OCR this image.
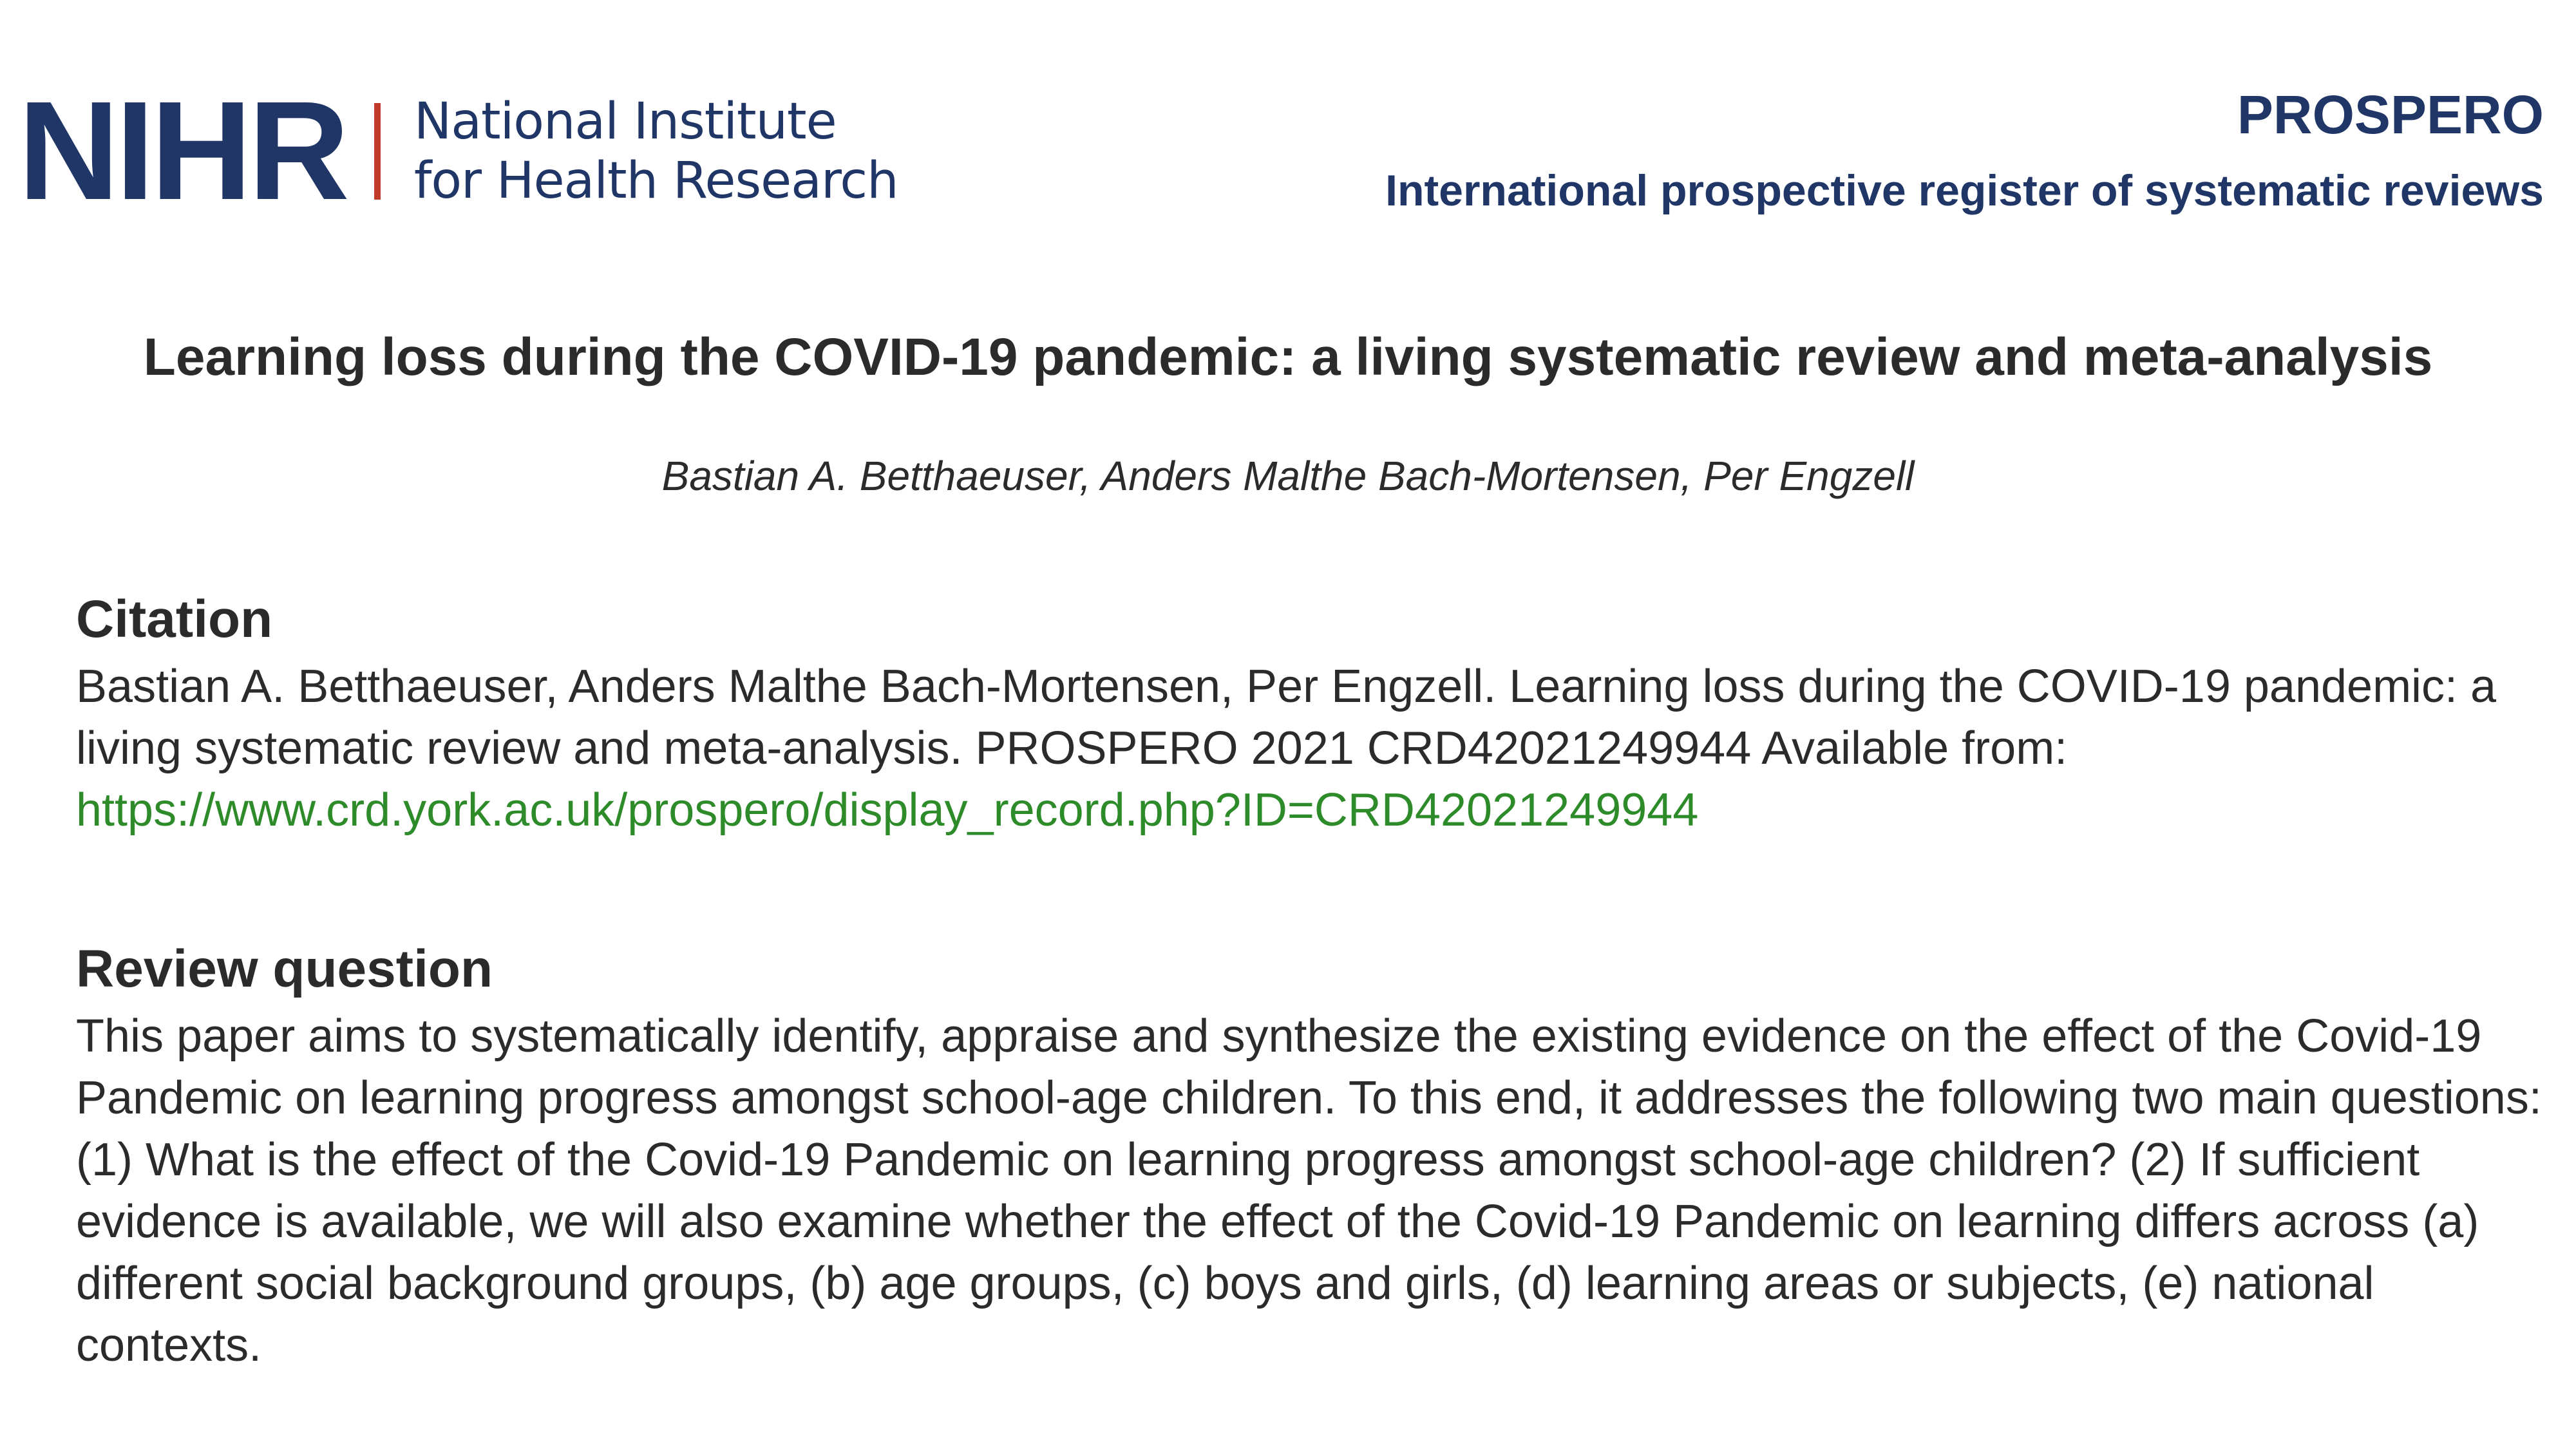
NIHR National Institute
for Health Research
PROSPERO
International prospective register of systematic reviews
Learning loss during the COVID-19 pandemic: a living systematic review and meta-analysis
Bastian A. Betthaeuser, Anders Malthe Bach-Mortensen, Per Engzell
Citation
Bastian A. Betthaeuser, Anders Malthe Bach-Mortensen, Per Engzell. Learning loss during the COVID-19 pandemic: a living systematic review and meta-analysis. PROSPERO 2021 CRD42021249944 Available from:
https://www.crd.york.ac.uk/prospero/display_record.php?ID=CRD42021249944
Review question
This paper aims to systematically identify, appraise and synthesize the existing evidence on the effect of the Covid-19 Pandemic on learning progress amongst school-age children. To this end, it addresses the following two main questions: (1) What is the effect of the Covid-19 Pandemic on learning progress amongst school-age children? (2) If sufficient evidence is available, we will also examine whether the effect of the Covid-19 Pandemic on learning differs across (a) different social background groups, (b) age groups, (c) boys and girls, (d) learning areas or subjects, (e) national contexts.
